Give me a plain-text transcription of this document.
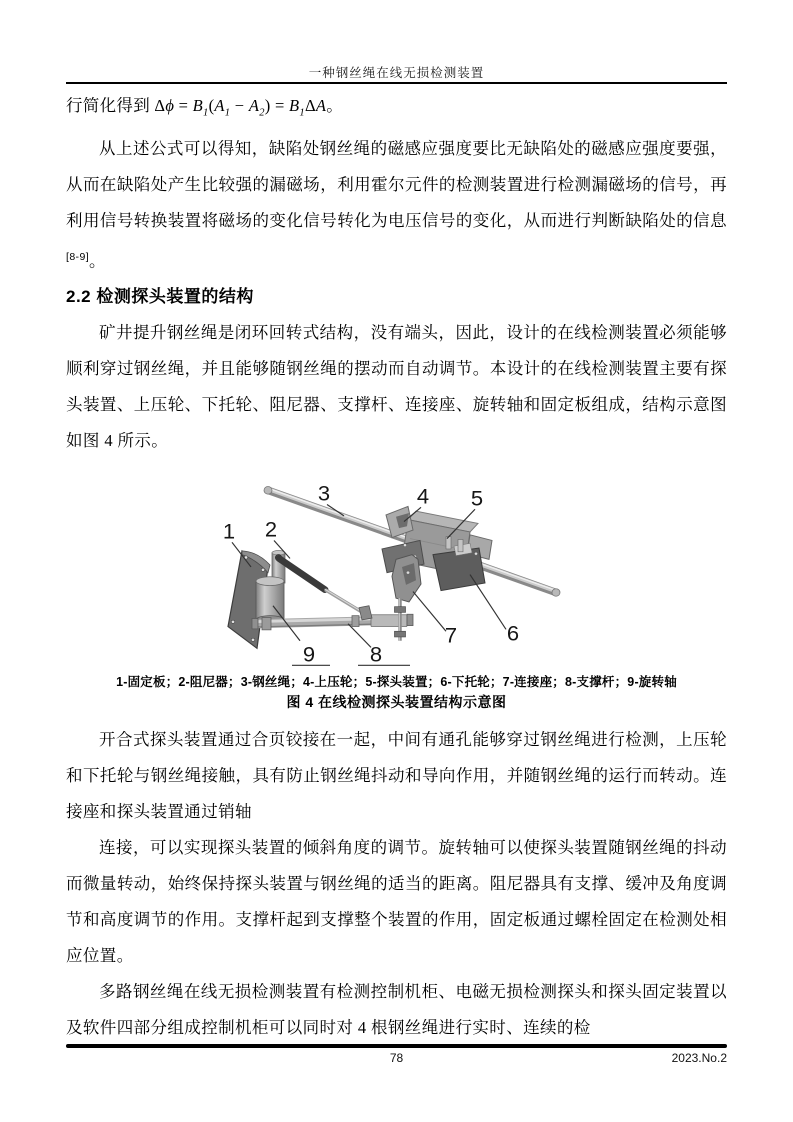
一种钢丝绳在线无损检测装置

行简化得到 $\Delta\phi = B_1(A_1 - A_2) = B_1\Delta A$。

从上述公式可以得知，缺陷处钢丝绳的磁感应强度要比无缺陷处的磁感应强度要强，从而在缺陷处产生比较强的漏磁场，利用霍尔元件的检测装置进行检测漏磁场的信号，再利用信号转换装置将磁场的变化信号转化为电压信号的变化，从而进行判断缺陷处的信息[8-9]。

2.2 检测探头装置的结构

矿井提升钢丝绳是闭环回转式结构，没有端头，因此，设计的在线检测装置必须能够顺利穿过钢丝绳，并且能够随钢丝绳的摆动而自动调节。本设计的在线检测装置主要有探头装置、上压轮、下托轮、阻尼器、支撑杆、连接座、旋转轴和固定板组成，结构示意图如图 4 所示。

1 2
3	4 5
6
7
8
9

1-固定板；2-阻尼器；3-钢丝绳；4-上压轮；5-探头装置；6-下托轮；7-连接座；8-支撑杆；9-旋转轴

图 4 在线检测探头装置结构示意图

开合式探头装置通过合页铰接在一起，中间有通孔能够穿过钢丝绳进行检测，上压轮和下托轮与钢丝绳接触，具有防止钢丝绳抖动和导向作用，并随钢丝绳的运行而转动。连接座和探头装置通过销轴

连接，可以实现探头装置的倾斜角度的调节。旋转轴可以使探头装置随钢丝绳的抖动而微量转动，始终保持探头装置与钢丝绳的适当的距离。阻尼器具有支撑、缓冲及角度调节和高度调节的作用。支撑杆起到支撑整个装置的作用，固定板通过螺栓固定在检测处相应位置。

多路钢丝绳在线无损检测装置有检测控制机柜、电磁无损检测探头和探头固定装置以及软件四部分组成控制机柜可以同时对 4 根钢丝绳进行实时、连续的检

78	2023.No.2
